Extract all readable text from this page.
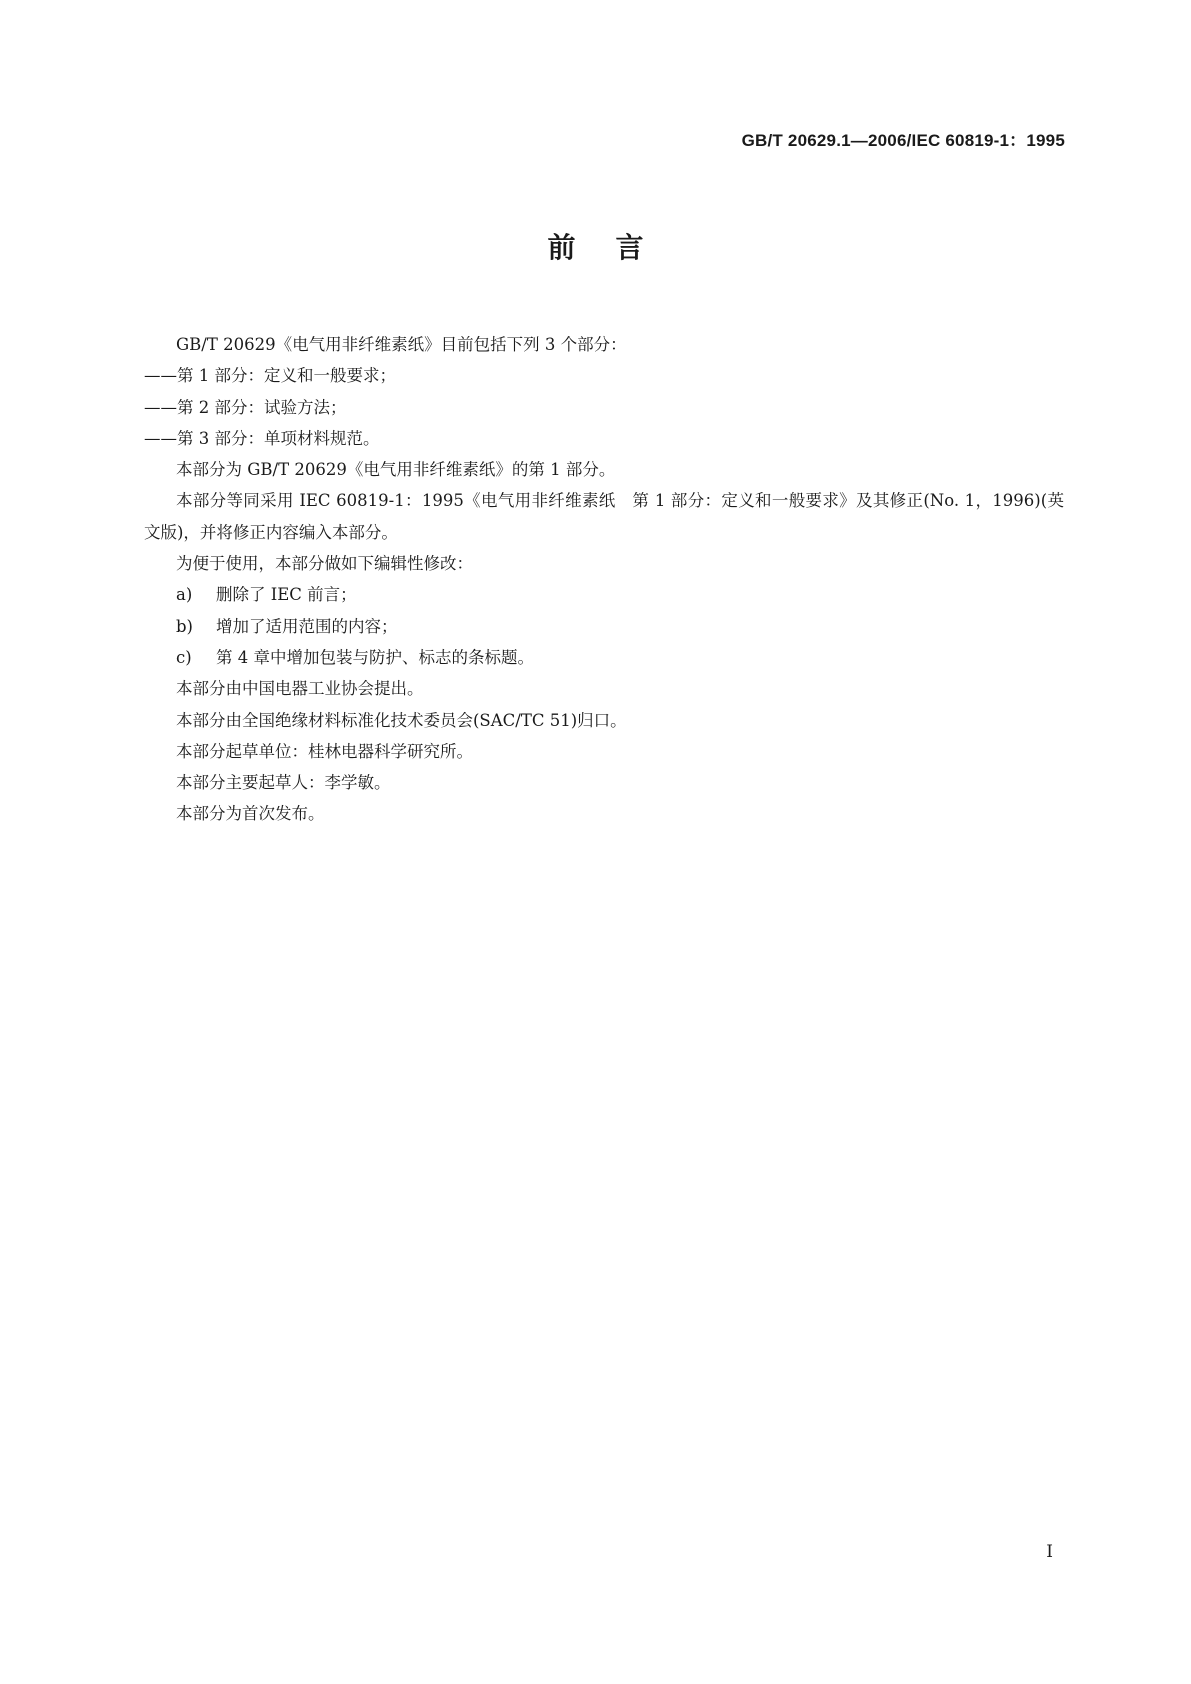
GB/T 20629.1—2006/IEC 60819-1：1995
前言

GB/T 20629《电气用非纤维素纸》目前包括下列 3 个部分：

——第 1 部分：定义和一般要求；

——第 2 部分：试验方法；

——第 3 部分：单项材料规范。

本部分为 GB/T 20629《电气用非纤维素纸》的第 1 部分。

本部分等同采用 IEC 60819-1：1995《电气用非纤维素纸　第 1 部分：定义和一般要求》及其修正(No. 1，1996)(英文版)，并将修正内容编入本部分。

为便于使用，本部分做如下编辑性修改：

a) 删除了 IEC 前言；

b) 增加了适用范围的内容；

c) 第 4 章中增加包装与防护、标志的条标题。

本部分由中国电器工业协会提出。

本部分由全国绝缘材料标准化技术委员会(SAC/TC 51)归口。

本部分起草单位：桂林电器科学研究所。

本部分主要起草人：李学敏。

本部分为首次发布。

I
